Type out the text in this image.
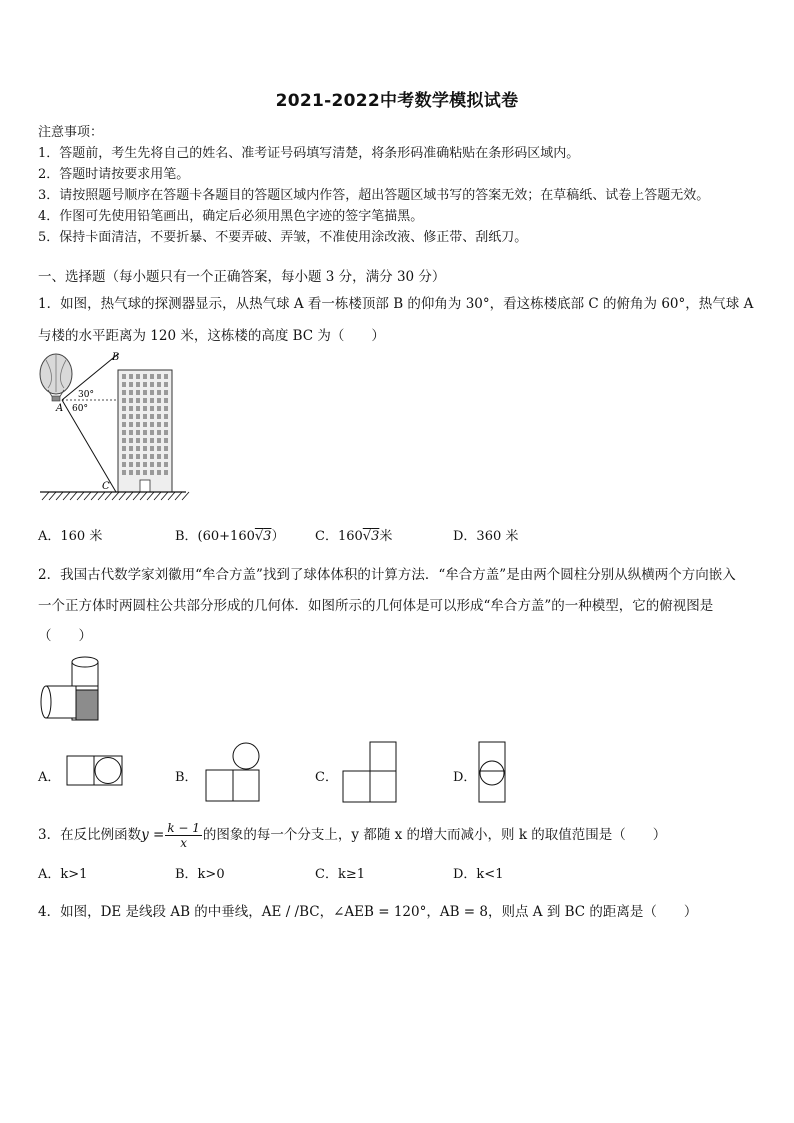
2021-2022中考数学模拟试卷
注意事项：
1．答题前，考生先将自己的姓名、准考证号码填写清楚，将条形码准确粘贴在条形码区域内。
2．答题时请按要求用笔。
3．请按照题号顺序在答题卡各题目的答题区域内作答，超出答题区域书写的答案无效；在草稿纸、试卷上答题无效。
4．作图可先使用铅笔画出，确定后必须用黑色字迹的签字笔描黑。
5．保持卡面清洁，不要折暴、不要弄破、弄皱，不准使用涂改液、修正带、刮纸刀。
一、选择题（每小题只有一个正确答案，每小题 3 分，满分 30 分）
1．如图，热气球的探测器显示，从热气球 A 看一栋楼顶部 B 的仰角为 30°，看这栋楼底部 C 的俯角为 60°，热气球 A
与楼的水平距离为 120 米，这栋楼的高度 BC 为（　　）
B
A
C
30°
60°
A．160 米	B．(60+160√3） C．160√3米	D．360 米
2．我国古代数学家刘徽用“牟合方盖”找到了球体体积的计算方法．“牟合方盖”是由两个圆柱分别从纵横两个方向嵌入
一个正方体时两圆柱公共部分形成的几何体．如图所示的几何体是可以形成“牟合方盖”的一种模型，它的俯视图是
（　　）
A．	B．	C．	D．
3．在反比例函数$y = \frac{k - 1}{x}$ 的图象的每一个分支上，y 都随 x 的增大而减小，则 k 的取值范围是（　　）
A．k>1	B．k>0	C．k≥1	D．k<1
4．如图，DE 是线段 AB 的中垂线，AE / /BC，∠AEB = 120°，AB = 8，则点 A 到 BC 的距离是（　　）
